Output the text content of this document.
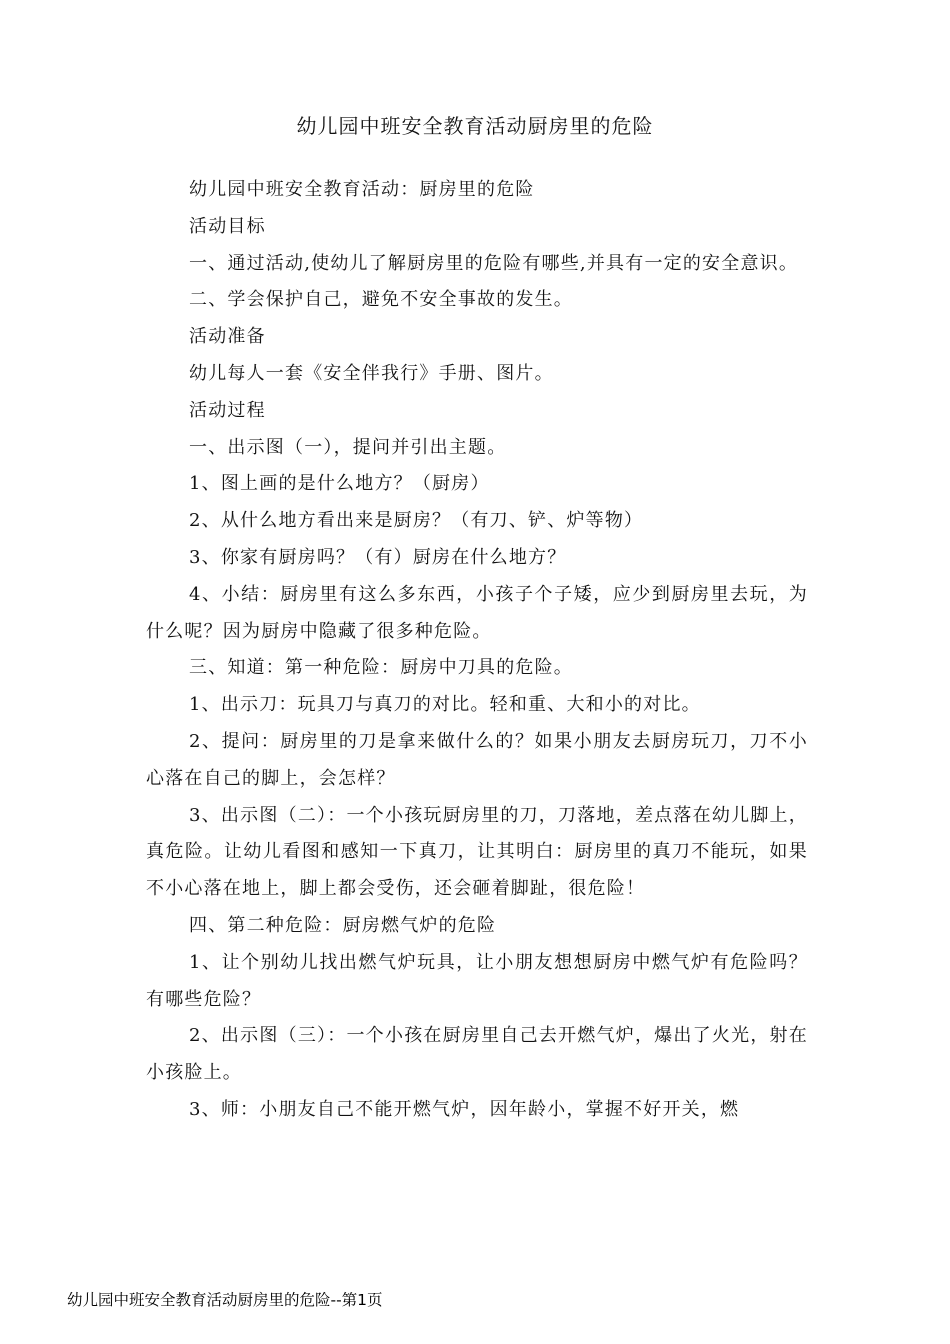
幼儿园中班安全教育活动厨房里的危险

幼儿园中班安全教育活动：厨房里的危险

活动目标

一、通过活动,使幼儿了解厨房里的危险有哪些,并具有一定的安全意识。

二、学会保护自己，避免不安全事故的发生。

活动准备

幼儿每人一套《安全伴我行》手册、图片。

活动过程

一、出示图（一），提问并引出主题。

1、图上画的是什么地方？（厨房）

2、从什么地方看出来是厨房？（有刀、铲、炉等物）

3、你家有厨房吗？（有）厨房在什么地方？

4、小结：厨房里有这么多东西，小孩子个子矮，应少到厨房里去玩，为什么呢？因为厨房中隐藏了很多种危险。

三、知道：第一种危险：厨房中刀具的危险。

1、出示刀：玩具刀与真刀的对比。轻和重、大和小的对比。

2、提问：厨房里的刀是拿来做什么的？如果小朋友去厨房玩刀，刀不小心落在自己的脚上，会怎样？

3、出示图（二）：一个小孩玩厨房里的刀，刀落地，差点落在幼儿脚上，真危险。让幼儿看图和感知一下真刀，让其明白：厨房里的真刀不能玩，如果不小心落在地上，脚上都会受伤，还会砸着脚趾，很危险！

四、第二种危险：厨房燃气炉的危险

1、让个别幼儿找出燃气炉玩具，让小朋友想想厨房中燃气炉有危险吗？有哪些危险？

2、出示图（三）：一个小孩在厨房里自己去开燃气炉，爆出了火光，射在小孩脸上。

3、师：小朋友自己不能开燃气炉，因年龄小，掌握不好开关，燃

幼儿园中班安全教育活动厨房里的危险--第1页
